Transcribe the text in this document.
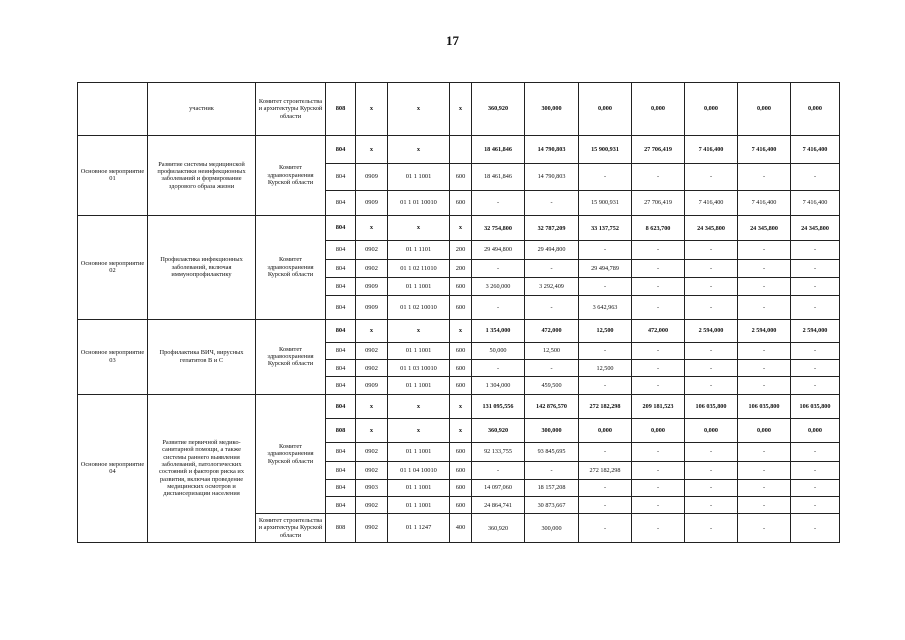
17
	участник	Комитет строительства и архитектуры Курской области	808	x	x	x	360,920	300,000	0,000	0,000	0,000	0,000	0,000
Основное мероприятие 01	Развитие системы медицинской профилактики неинфекционных заболеваний и формирование здорового образа жизни	Комитет здравоохранения Курской области	804	x	x		18 461,846	14 790,803	15 900,931	27 706,419	7 416,400	7 416,400	7 416,400
			804	0909	01 1 1001	600	18 461,846	14 790,803	-	-	-	-	-
			804	0909	01 1 01 10010	600	-	-	15 900,931	27 706,419	7 416,400	7 416,400	7 416,400
Основное мероприятие 02	Профилактика инфекционных заболеваний, включая иммунопрофилактику	Комитет здравоохранения Курской области	804	x	x	x	32 754,800	32 787,209	33 137,752	8 623,700	24 345,800	24 345,800	24 345,800
			804	0902	01 1 1101	200	29 494,800	29 494,800	-	-	-	-	-
			804	0902	01 1 02 11010	200	-	-	29 494,789	-	-	-	-
			804	0909	01 1 1001	600	3 260,000	3 292,409	-	-	-	-	-
			804	0909	01 1 02 10010	600	-	-	3 642,963	-	-	-	-
Основное мероприятие 03	Профилактика ВИЧ, вирусных гепатитов В и С	Комитет здравоохранения Курской области	804	x	x	x	1 354,000	472,000	12,500	472,000	2 594,000	2 594,000	2 594,000
			804	0902	01 1 1001	600	50,000	12,500	-	-	-	-	-
			804	0902	01 1 03 10010	600	-	-	12,500	-	-	-	-
			804	0909	01 1 1001	600	1 304,000	459,500	-	-	-	-	-
Основное мероприятие 04	Развитие первичной медико-санитарной помощи, а также системы раннего выявления заболеваний, патологических состояний и факторов риска их развития, включая проведение медицинских осмотров и диспансеризации населения	Комитет здравоохранения Курской области	804	x	x	x	131 095,556	142 876,570	272 182,298	209 181,523	106 035,800	106 035,800	106 035,800
			808	x	x	x	360,920	300,000	0,000	0,000	0,000	0,000	0,000
			804	0902	01 1 1001	600	92 133,755	93 845,695	-	-	-	-	-
			804	0902	01 1 04 10010	600	-	-	272 182,298	-	-	-	-
			804	0903	01 1 1001	600	14 097,060	18 157,208	-	-	-	-	-
			804	0902	01 1 1001	600	24 864,741	30 873,667	-	-	-	-	-
		Комитет строительства и архитектуры Курской области	808	0902	01 1 1247	400	360,920	300,000	-	-	-	-	-
